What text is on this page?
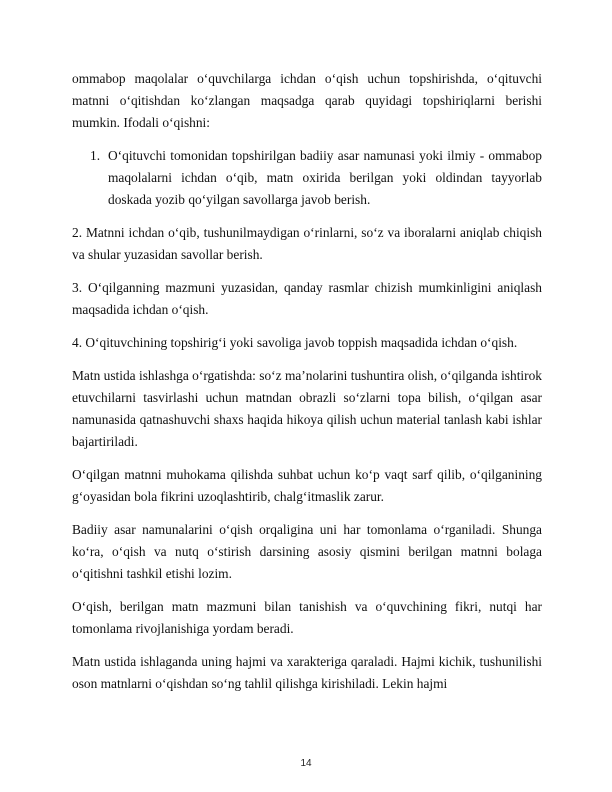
ommabop maqolalar o‘quvchilarga ichdan o‘qish uchun topshirishda, o‘qituvchi matnni o‘qitishdan ko‘zlangan maqsadga qarab quyidagi topshiriqlarni berishi mumkin. Ifodali o‘qishni:

1. O‘qituvchi tomonidan topshirilgan badiiy asar namunasi yoki ilmiy - ommabop maqolalarni ichdan o‘qib, matn oxirida berilgan yoki oldindan tayyorlab doskada yozib qo‘yilgan savollarga javob berish.

2. Matnni ichdan o‘qib, tushunilmaydigan o‘rinlarni, so‘z va iboralarni aniqlab chiqish va shular yuzasidan savollar berish.

3. O‘qilganning mazmuni yuzasidan, qanday rasmlar chizish mumkinligini aniqlash maqsadida ichdan o‘qish.

4. O‘qituvchining topshirig‘i yoki savoliga javob toppish maqsadida ichdan o‘qish.

Matn ustida ishlashga o‘rgatishda: so‘z ma’nolarini tushuntira olish, o‘qilganda ishtirok etuvchilarni tasvirlashi uchun matndan obrazli so‘zlarni topa bilish, o‘qilgan asar namunasida qatnashuvchi shaxs haqida hikoya qilish uchun material tanlash kabi ishlar bajartiriladi.

O‘qilgan matnni muhokama qilishda suhbat uchun ko‘p vaqt sarf qilib, o‘qilganining g‘oyasidan bola fikrini uzoqlashtirib, chalg‘itmaslik zarur.

Badiiy asar namunalarini o‘qish orqaligina uni har tomonlama o‘rganiladi. Shunga ko‘ra, o‘qish va nutq o‘stirish darsining asosiy qismini berilgan matnni bolaga o‘qitishni tashkil etishi lozim.

O‘qish, berilgan matn mazmuni bilan tanishish va o‘quvchining fikri, nutqi har tomonlama rivojlanishiga yordam beradi.

Matn ustida ishlaganda uning hajmi va xarakteriga qaraladi. Hajmi kichik, tushunilishi oson matnlarni o‘qishdan so‘ng tahlil qilishga kirishiladi. Lekin hajmi

14
